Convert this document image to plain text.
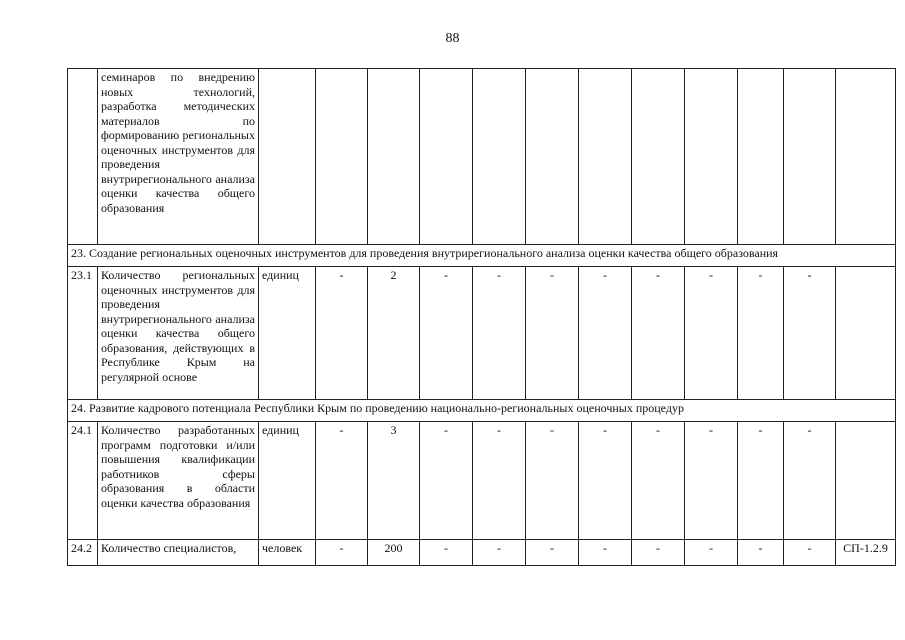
88
	семинаров по внедрению новых технологий, разработка методических материалов по формированию региональных оценочных инструментов для проведения внутрирегионального анализа оценки качества общего образования												
23. Создание региональных оценочных инструментов для проведения внутрирегионального анализа оценки качества общего образования													
23.1	Количество региональных оценочных инструментов для проведения внутрирегионального анализа оценки качества общего образования, действующих в Республике Крым на регулярной основе	единиц	-	2	-	-	-	-	-	-	-	-	
24. Развитие кадрового потенциала Республики Крым по проведению национально-региональных оценочных процедур													
24.1	Количество разработанных программ подготовки и/или повышения квалификации работников сферы образования в области оценки качества образования	единиц	-	3	-	-	-	-	-	-	-	-	
24.2	Количество специалистов,	человек	-	200	-	-	-	-	-	-	-	-	СП-1.2.9
